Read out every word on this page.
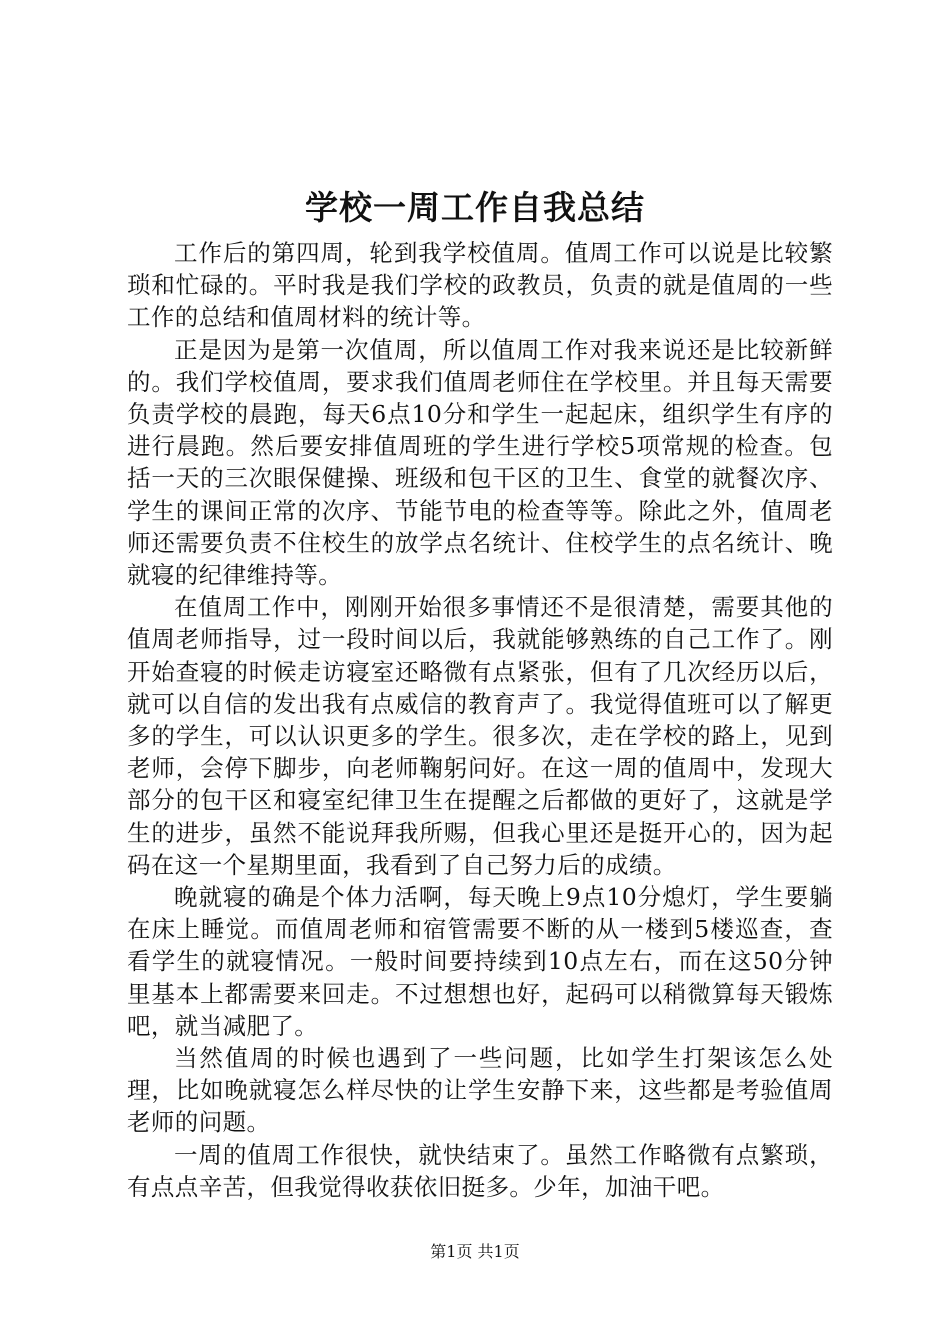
学校一周工作自我总结

工作后的第四周，轮到我学校值周。值周工作可以说是比较繁琐和忙碌的。平时我是我们学校的政教员，负责的就是值周的一些工作的总结和值周材料的统计等。

正是因为是第一次值周，所以值周工作对我来说还是比较新鲜的。我们学校值周，要求我们值周老师住在学校里。并且每天需要负责学校的晨跑，每天6点10分和学生一起起床，组织学生有序的进行晨跑。然后要安排值周班的学生进行学校5项常规的检查。包括一天的三次眼保健操、班级和包干区的卫生、食堂的就餐次序、学生的课间正常的次序、节能节电的检查等等。除此之外，值周老师还需要负责不住校生的放学点名统计、住校学生的点名统计、晚就寝的纪律维持等。

在值周工作中，刚刚开始很多事情还不是很清楚，需要其他的值周老师指导，过一段时间以后，我就能够熟练的自己工作了。刚开始查寝的时候走访寝室还略微有点紧张，但有了几次经历以后，就可以自信的发出我有点威信的教育声了。我觉得值班可以了解更多的学生，可以认识更多的学生。很多次，走在学校的路上，见到老师，会停下脚步，向老师鞠躬问好。在这一周的值周中，发现大部分的包干区和寝室纪律卫生在提醒之后都做的更好了，这就是学生的进步，虽然不能说拜我所赐，但我心里还是挺开心的，因为起码在这一个星期里面，我看到了自己努力后的成绩。

晚就寝的确是个体力活啊，每天晚上9点10分熄灯，学生要躺在床上睡觉。而值周老师和宿管需要不断的从一楼到5楼巡查，查看学生的就寝情况。一般时间要持续到10点左右，而在这50分钟里基本上都需要来回走。不过想想也好，起码可以稍微算每天锻炼吧，就当减肥了。

当然值周的时候也遇到了一些问题，比如学生打架该怎么处理，比如晚就寝怎么样尽快的让学生安静下来，这些都是考验值周老师的问题。

一周的值周工作很快，就快结束了。虽然工作略微有点繁琐，有点点辛苦，但我觉得收获依旧挺多。少年，加油干吧。

第1页 共1页
